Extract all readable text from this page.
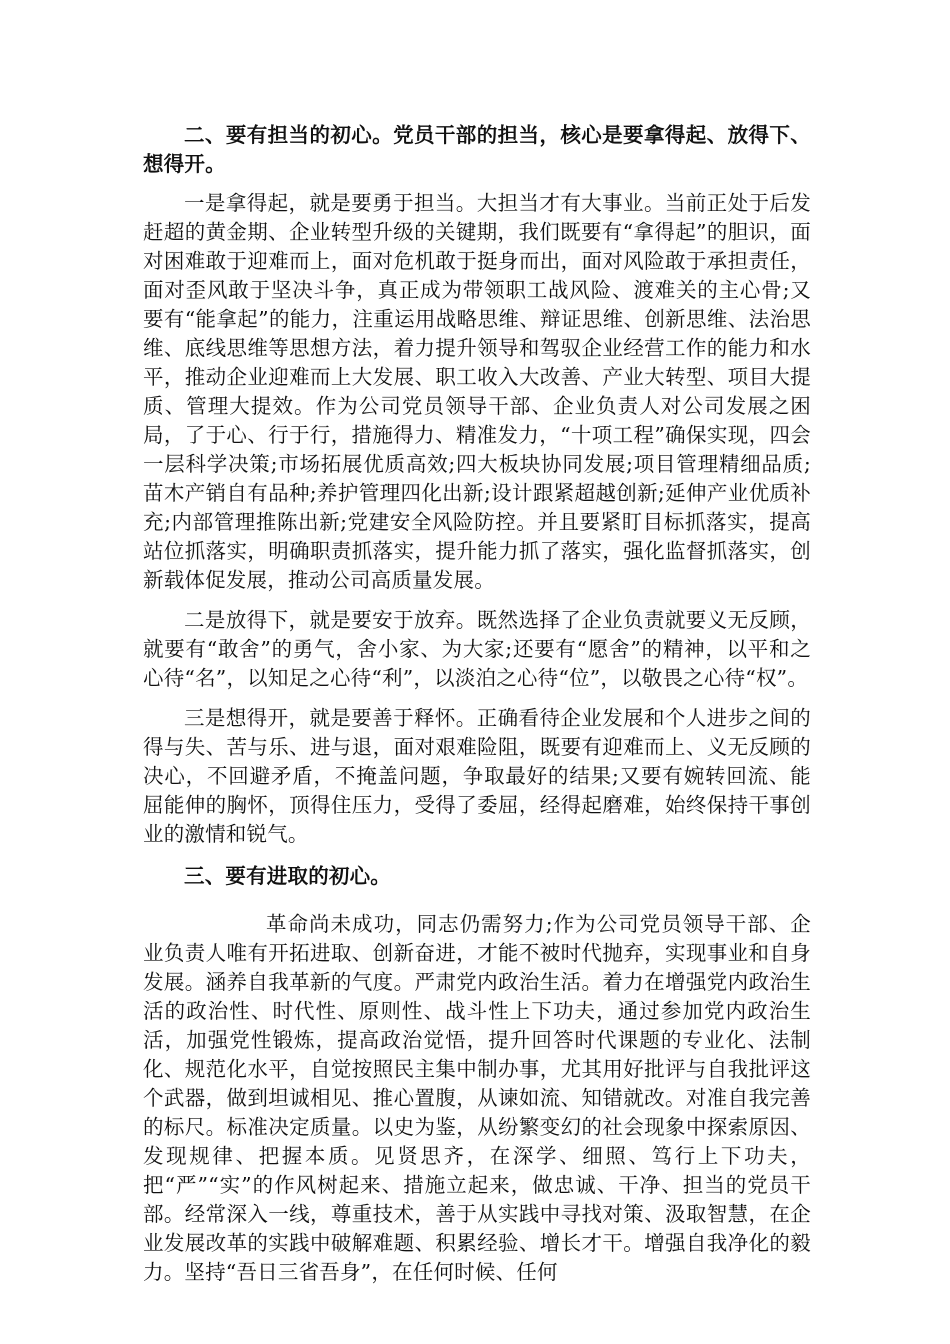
二、要有担当的初心。党员干部的担当，核心是要拿得起、放得下、想得开。

一是拿得起，就是要勇于担当。大担当才有大事业。当前正处于后发赶超的黄金期、企业转型升级的关键期，我们既要有“拿得起”的胆识，面对困难敢于迎难而上，面对危机敢于挺身而出，面对风险敢于承担责任，面对歪风敢于坚决斗争，真正成为带领职工战风险、渡难关的主心骨;又要有“能拿起”的能力，注重运用战略思维、辩证思维、创新思维、法治思维、底线思维等思想方法，着力提升领导和驾驭企业经营工作的能力和水平，推动企业迎难而上大发展、职工收入大改善、产业大转型、项目大提质、管理大提效。作为公司党员领导干部、企业负责人对公司发展之困局，了于心、行于行，措施得力、精准发力，“十项工程”确保实现，四会一层科学决策;市场拓展优质高效;四大板块协同发展;项目管理精细品质;苗木产销自有品种;养护管理四化出新;设计跟紧超越创新;延伸产业优质补充;内部管理推陈出新;党建安全风险防控。并且要紧盯目标抓落实，提高站位抓落实，明确职责抓落实，提升能力抓了落实，强化监督抓落实，创新载体促发展，推动公司高质量发展。

二是放得下，就是要安于放弃。既然选择了企业负责就要义无反顾，就要有“敢舍”的勇气，舍小家、为大家;还要有“愿舍”的精神，以平和之心待“名”，以知足之心待“利”，以淡泊之心待“位”，以敬畏之心待“权”。

三是想得开，就是要善于释怀。正确看待企业发展和个人进步之间的得与失、苦与乐、进与退，面对艰难险阻，既要有迎难而上、义无反顾的决心，不回避矛盾，不掩盖问题，争取最好的结果;又要有婉转回流、能屈能伸的胸怀，顶得住压力，受得了委屈，经得起磨难，始终保持干事创业的激情和锐气。

三、要有进取的初心。

革命尚未成功，同志仍需努力;作为公司党员领导干部、企业负责人唯有开拓进取、创新奋进，才能不被时代抛弃，实现事业和自身发展。涵养自我革新的气度。严肃党内政治生活。着力在增强党内政治生活的政治性、时代性、原则性、战斗性上下功夫，通过参加党内政治生活，加强党性锻炼，提高政治觉悟，提升回答时代课题的专业化、法制化、规范化水平，自觉按照民主集中制办事，尤其用好批评与自我批评这个武器，做到坦诚相见、推心置腹，从谏如流、知错就改。对准自我完善的标尺。标准决定质量。以史为鉴，从纷繁变幻的社会现象中探索原因、发现规律、把握本质。见贤思齐，在深学、细照、笃行上下功夫，把“严”“实”的作风树起来、措施立起来，做忠诚、干净、担当的党员干部。经常深入一线，尊重技术，善于从实践中寻找对策、汲取智慧，在企业发展改革的实践中破解难题、积累经验、增长才干。增强自我净化的毅力。坚持“吾日三省吾身”，在任何时候、任何
